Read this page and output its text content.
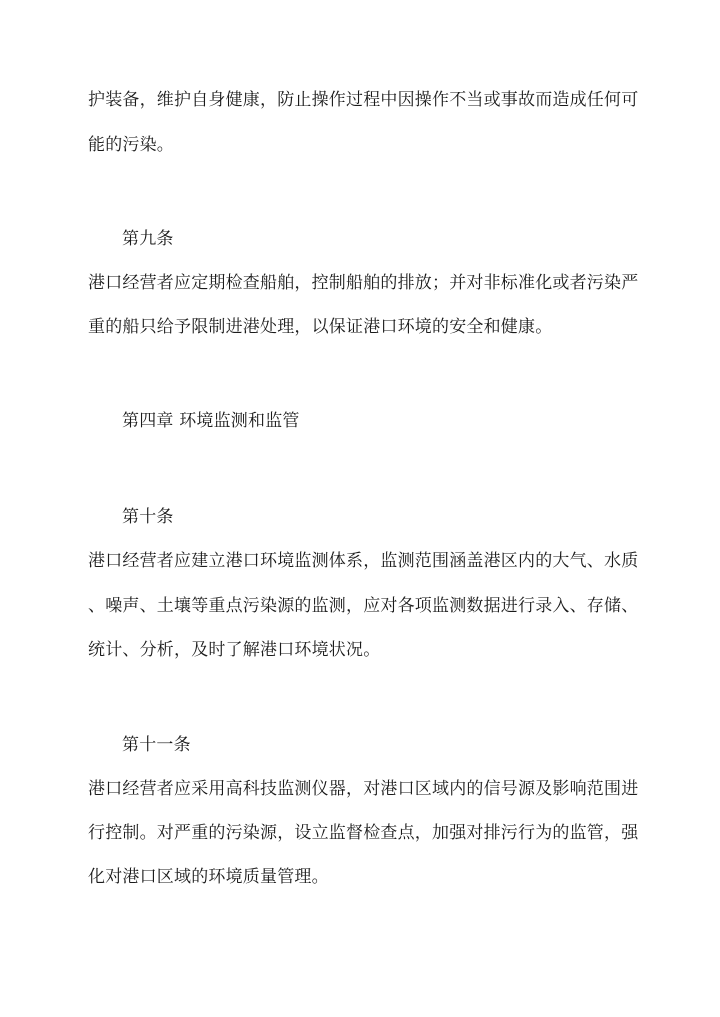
护装备，维护自身健康，防止操作过程中因操作不当或事故而造成任何可
能的污染。
第九条
港口经营者应定期检查船舶，控制船舶的排放；并对非标准化或者污染严
重的船只给予限制进港处理，以保证港口环境的安全和健康。
第四章 环境监测和监管
第十条
港口经营者应建立港口环境监测体系，监测范围涵盖港区内的大气、水质
、噪声、土壤等重点污染源的监测，应对各项监测数据进行录入、存储、
统计、分析，及时了解港口环境状况。
第十一条
港口经营者应采用高科技监测仪器，对港口区域内的信号源及影响范围进
行控制。对严重的污染源，设立监督检查点，加强对排污行为的监管，强
化对港口区域的环境质量管理。
